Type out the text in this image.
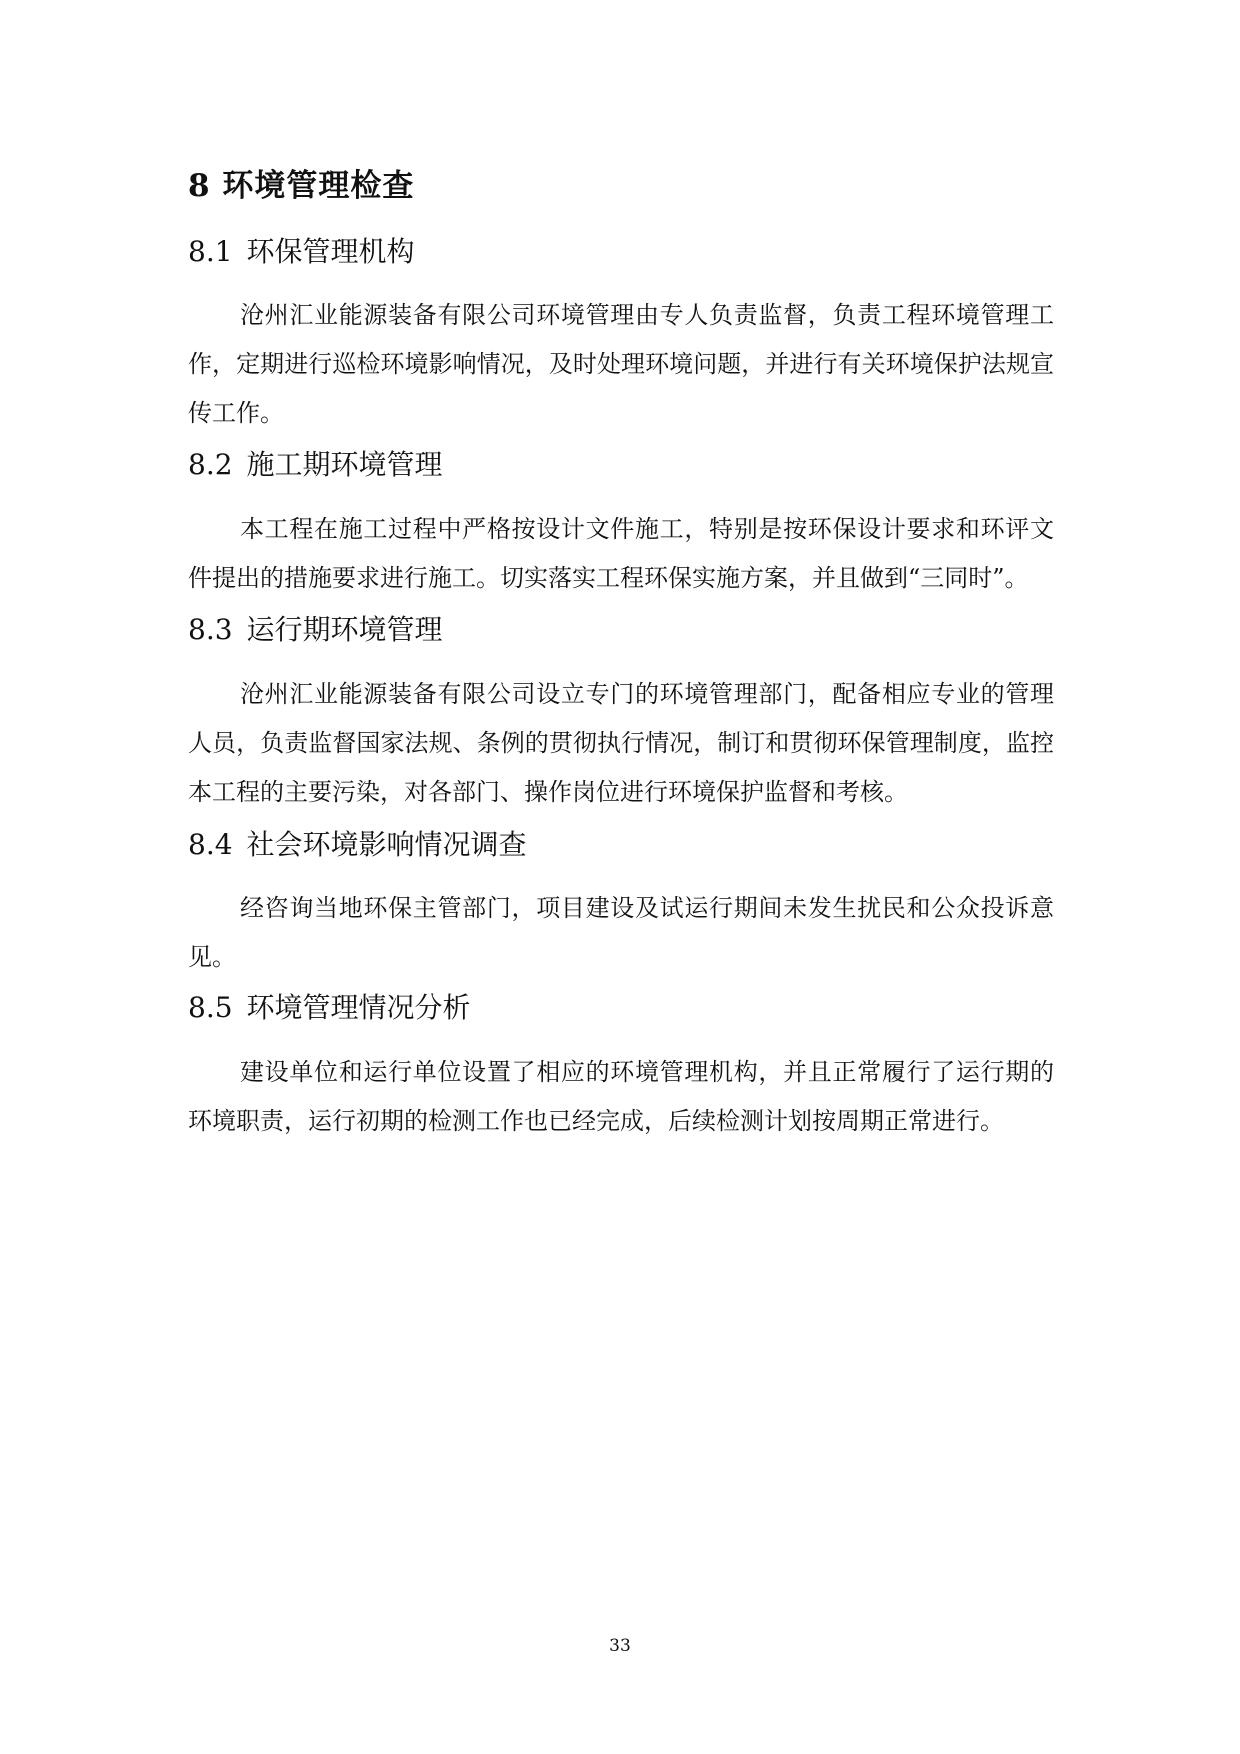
8 环境管理检查
8.1 环保管理机构
沧州汇业能源装备有限公司环境管理由专人负责监督，负责工程环境管理工作，定期进行巡检环境影响情况，及时处理环境问题，并进行有关环境保护法规宣传工作。
8.2 施工期环境管理
本工程在施工过程中严格按设计文件施工，特别是按环保设计要求和环评文件提出的措施要求进行施工。切实落实工程环保实施方案，并且做到“三同时”。
8.3 运行期环境管理
沧州汇业能源装备有限公司设立专门的环境管理部门，配备相应专业的管理人员，负责监督国家法规、条例的贯彻执行情况，制订和贯彻环保管理制度，监控本工程的主要污染，对各部门、操作岗位进行环境保护监督和考核。
8.4 社会环境影响情况调查
经咨询当地环保主管部门，项目建设及试运行期间未发生扰民和公众投诉意见。
8.5 环境管理情况分析
建设单位和运行单位设置了相应的环境管理机构，并且正常履行了运行期的环境职责，运行初期的检测工作也已经完成，后续检测计划按周期正常进行。
33
